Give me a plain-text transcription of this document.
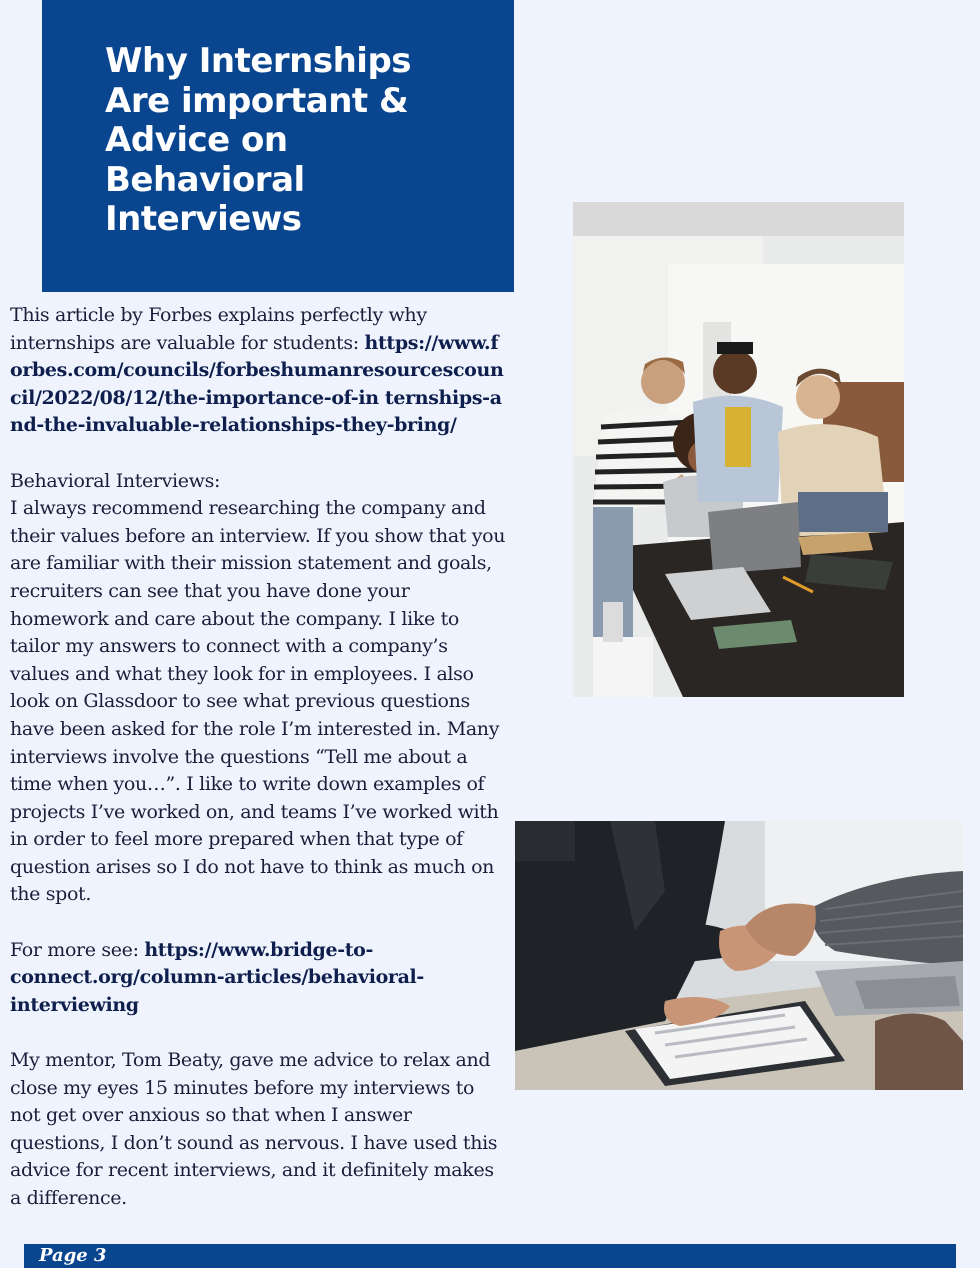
Why Internships
Are important &
Advice on
Behavioral
Interviews

This article by Forbes explains perfectly why internships are valuable for students: https://www.forbes.com/councils/forbeshumanresourcescouncil/2022/08/12/the-importance-of-in ternships-and-the-invaluable-relationships-they-bring/

Behavioral Interviews:

I always recommend researching the company and their values before an interview. If you show that you are familiar with their mission statement and goals, recruiters can see that you have done your homework and care about the company. I like to tailor my answers to connect with a company’s values and what they look for in employees. I also look on Glassdoor to see what previous questions have been asked for the role I’m interested in. Many interviews involve the questions “Tell me about a time when you…”. I like to write down examples of projects I’ve worked on, and teams I’ve worked with in order to feel more prepared when that type of question arises so I do not have to think as much on the spot.

For more see: https://www.bridge-to-connect.org/column-articles/behavioral-interviewing

My mentor, Tom Beaty, gave me advice to relax and close my eyes 15 minutes before my interviews to not get over anxious so that when I answer questions, I don’t sound as nervous. I have used this advice for recent interviews, and it definitely makes a difference.

Page 3
